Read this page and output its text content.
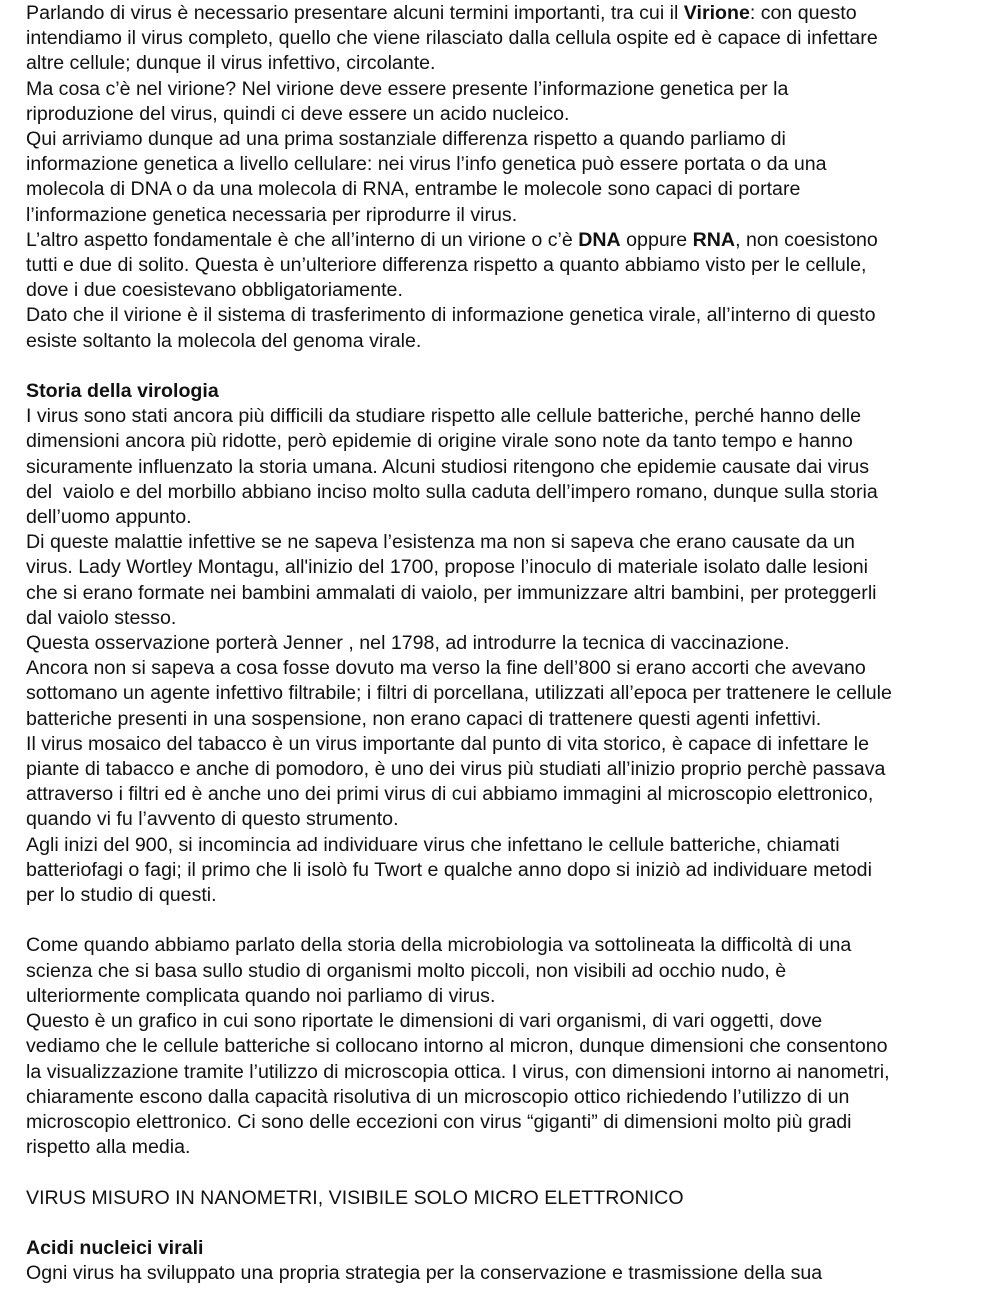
Parlando di virus è necessario presentare alcuni termini importanti, tra cui il Virione: con questo

intendiamo il virus completo, quello che viene rilasciato dalla cellula ospite ed è capace di infettare

altre cellule; dunque il virus infettivo, circolante.

Ma cosa c’è nel virione? Nel virione deve essere presente l’informazione genetica per la

riproduzione del virus, quindi ci deve essere un acido nucleico.

Qui arriviamo dunque ad una prima sostanziale differenza rispetto a quando parliamo di

informazione genetica a livello cellulare: nei virus l’info genetica può essere portata o da una

molecola di DNA o da una molecola di RNA, entrambe le molecole sono capaci di portare

l’informazione genetica necessaria per riprodurre il virus.

L’altro aspetto fondamentale è che all’interno di un virione o c’è DNA oppure RNA, non coesistono

tutti e due di solito. Questa è un’ulteriore differenza rispetto a quanto abbiamo visto per le cellule,

dove i due coesistevano obbligatoriamente.

Dato che il virione è il sistema di trasferimento di informazione genetica virale, all’interno di questo

esiste soltanto la molecola del genoma virale.

Storia della virologia

I virus sono stati ancora più difficili da studiare rispetto alle cellule batteriche, perché hanno delle

dimensioni ancora più ridotte, però epidemie di origine virale sono note da tanto tempo e hanno

sicuramente influenzato la storia umana. Alcuni studiosi ritengono che epidemie causate dai virus

del  vaiolo e del morbillo abbiano inciso molto sulla caduta dell’impero romano, dunque sulla storia

dell’uomo appunto.

Di queste malattie infettive se ne sapeva l’esistenza ma non si sapeva che erano causate da un

virus. Lady Wortley Montagu, all'inizio del 1700, propose l’inoculo di materiale isolato dalle lesioni

che si erano formate nei bambini ammalati di vaiolo, per immunizzare altri bambini, per proteggerli

dal vaiolo stesso.

Questa osservazione porterà Jenner , nel 1798, ad introdurre la tecnica di vaccinazione.

Ancora non si sapeva a cosa fosse dovuto ma verso la fine dell’800 si erano accorti che avevano

sottomano un agente infettivo filtrabile; i filtri di porcellana, utilizzati all’epoca per trattenere le cellule

batteriche presenti in una sospensione, non erano capaci di trattenere questi agenti infettivi.

Il virus mosaico del tabacco è un virus importante dal punto di vita storico, è capace di infettare le

piante di tabacco e anche di pomodoro, è uno dei virus più studiati all’inizio proprio perchè passava

attraverso i filtri ed è anche uno dei primi virus di cui abbiamo immagini al microscopio elettronico,

quando vi fu l’avvento di questo strumento.

Agli inizi del 900, si incomincia ad individuare virus che infettano le cellule batteriche, chiamati

batteriofagi o fagi; il primo che li isolò fu Twort e qualche anno dopo si iniziò ad individuare metodi

per lo studio di questi.

Come quando abbiamo parlato della storia della microbiologia va sottolineata la difficoltà di una

scienza che si basa sullo studio di organismi molto piccoli, non visibili ad occhio nudo, è

ulteriormente complicata quando noi parliamo di virus.

Questo è un grafico in cui sono riportate le dimensioni di vari organismi, di vari oggetti, dove

vediamo che le cellule batteriche si collocano intorno al micron, dunque dimensioni che consentono

la visualizzazione tramite l’utilizzo di microscopia ottica. I virus, con dimensioni intorno ai nanometri,

chiaramente escono dalla capacità risolutiva di un microscopio ottico richiedendo l’utilizzo di un

microscopio elettronico. Ci sono delle eccezioni con virus “giganti” di dimensioni molto più gradi

rispetto alla media.

VIRUS MISURO IN NANOMETRI, VISIBILE SOLO MICRO ELETTRONICO

Acidi nucleici virali

Ogni virus ha sviluppato una propria strategia per la conservazione e trasmissione della sua
